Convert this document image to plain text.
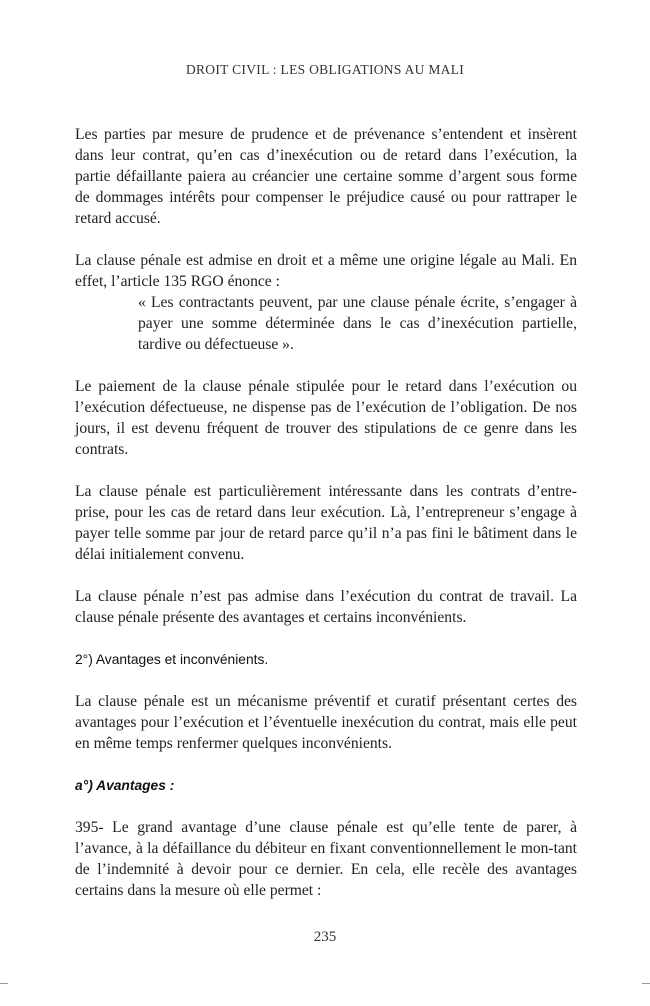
DROIT CIVIL : LES OBLIGATIONS AU MALI

Les parties par mesure de prudence et de prévenance s’entendent et insèrent dans leur contrat, qu’en cas d’inexécution ou de retard dans l’exécution, la partie défaillante paiera au créancier une certaine somme d’argent sous forme de dommages intérêts pour compenser le préjudice causé ou pour rattraper le retard accusé.

La clause pénale est admise en droit et a même une origine légale au Mali. En effet, l’article 135 RGO énonce :

« Les contractants peuvent, par une clause pénale écrite, s’engager à payer une somme déterminée dans le cas d’inexécution partielle, tardive ou défectueuse ».

Le paiement de la clause pénale stipulée pour le retard dans l’exécution ou l’exécution défectueuse, ne dispense pas de l’exécution de l’obligation. De nos jours, il est devenu fréquent de trouver des stipulations de ce genre dans les contrats.

La clause pénale est particulièrement intéressante dans les contrats d’entre-prise, pour les cas de retard dans leur exécution. Là, l’entrepreneur s’engage à payer telle somme par jour de retard parce qu’il n’a pas fini le bâtiment dans le délai initialement convenu.

La clause pénale n’est pas admise dans l’exécution du contrat de travail. La clause pénale présente des avantages et certains inconvénients.

2°) Avantages et inconvénients.

La clause pénale est un mécanisme préventif et curatif présentant certes des avantages pour l’exécution et l’éventuelle inexécution du contrat, mais elle peut en même temps renfermer quelques inconvénients.

a°) Avantages :

395- Le grand avantage d’une clause pénale est qu’elle tente de parer, à l’avance, à la défaillance du débiteur en fixant conventionnellement le mon-tant de l’indemnité à devoir pour ce dernier. En cela, elle recèle des avantages certains dans la mesure où elle permet :

235
